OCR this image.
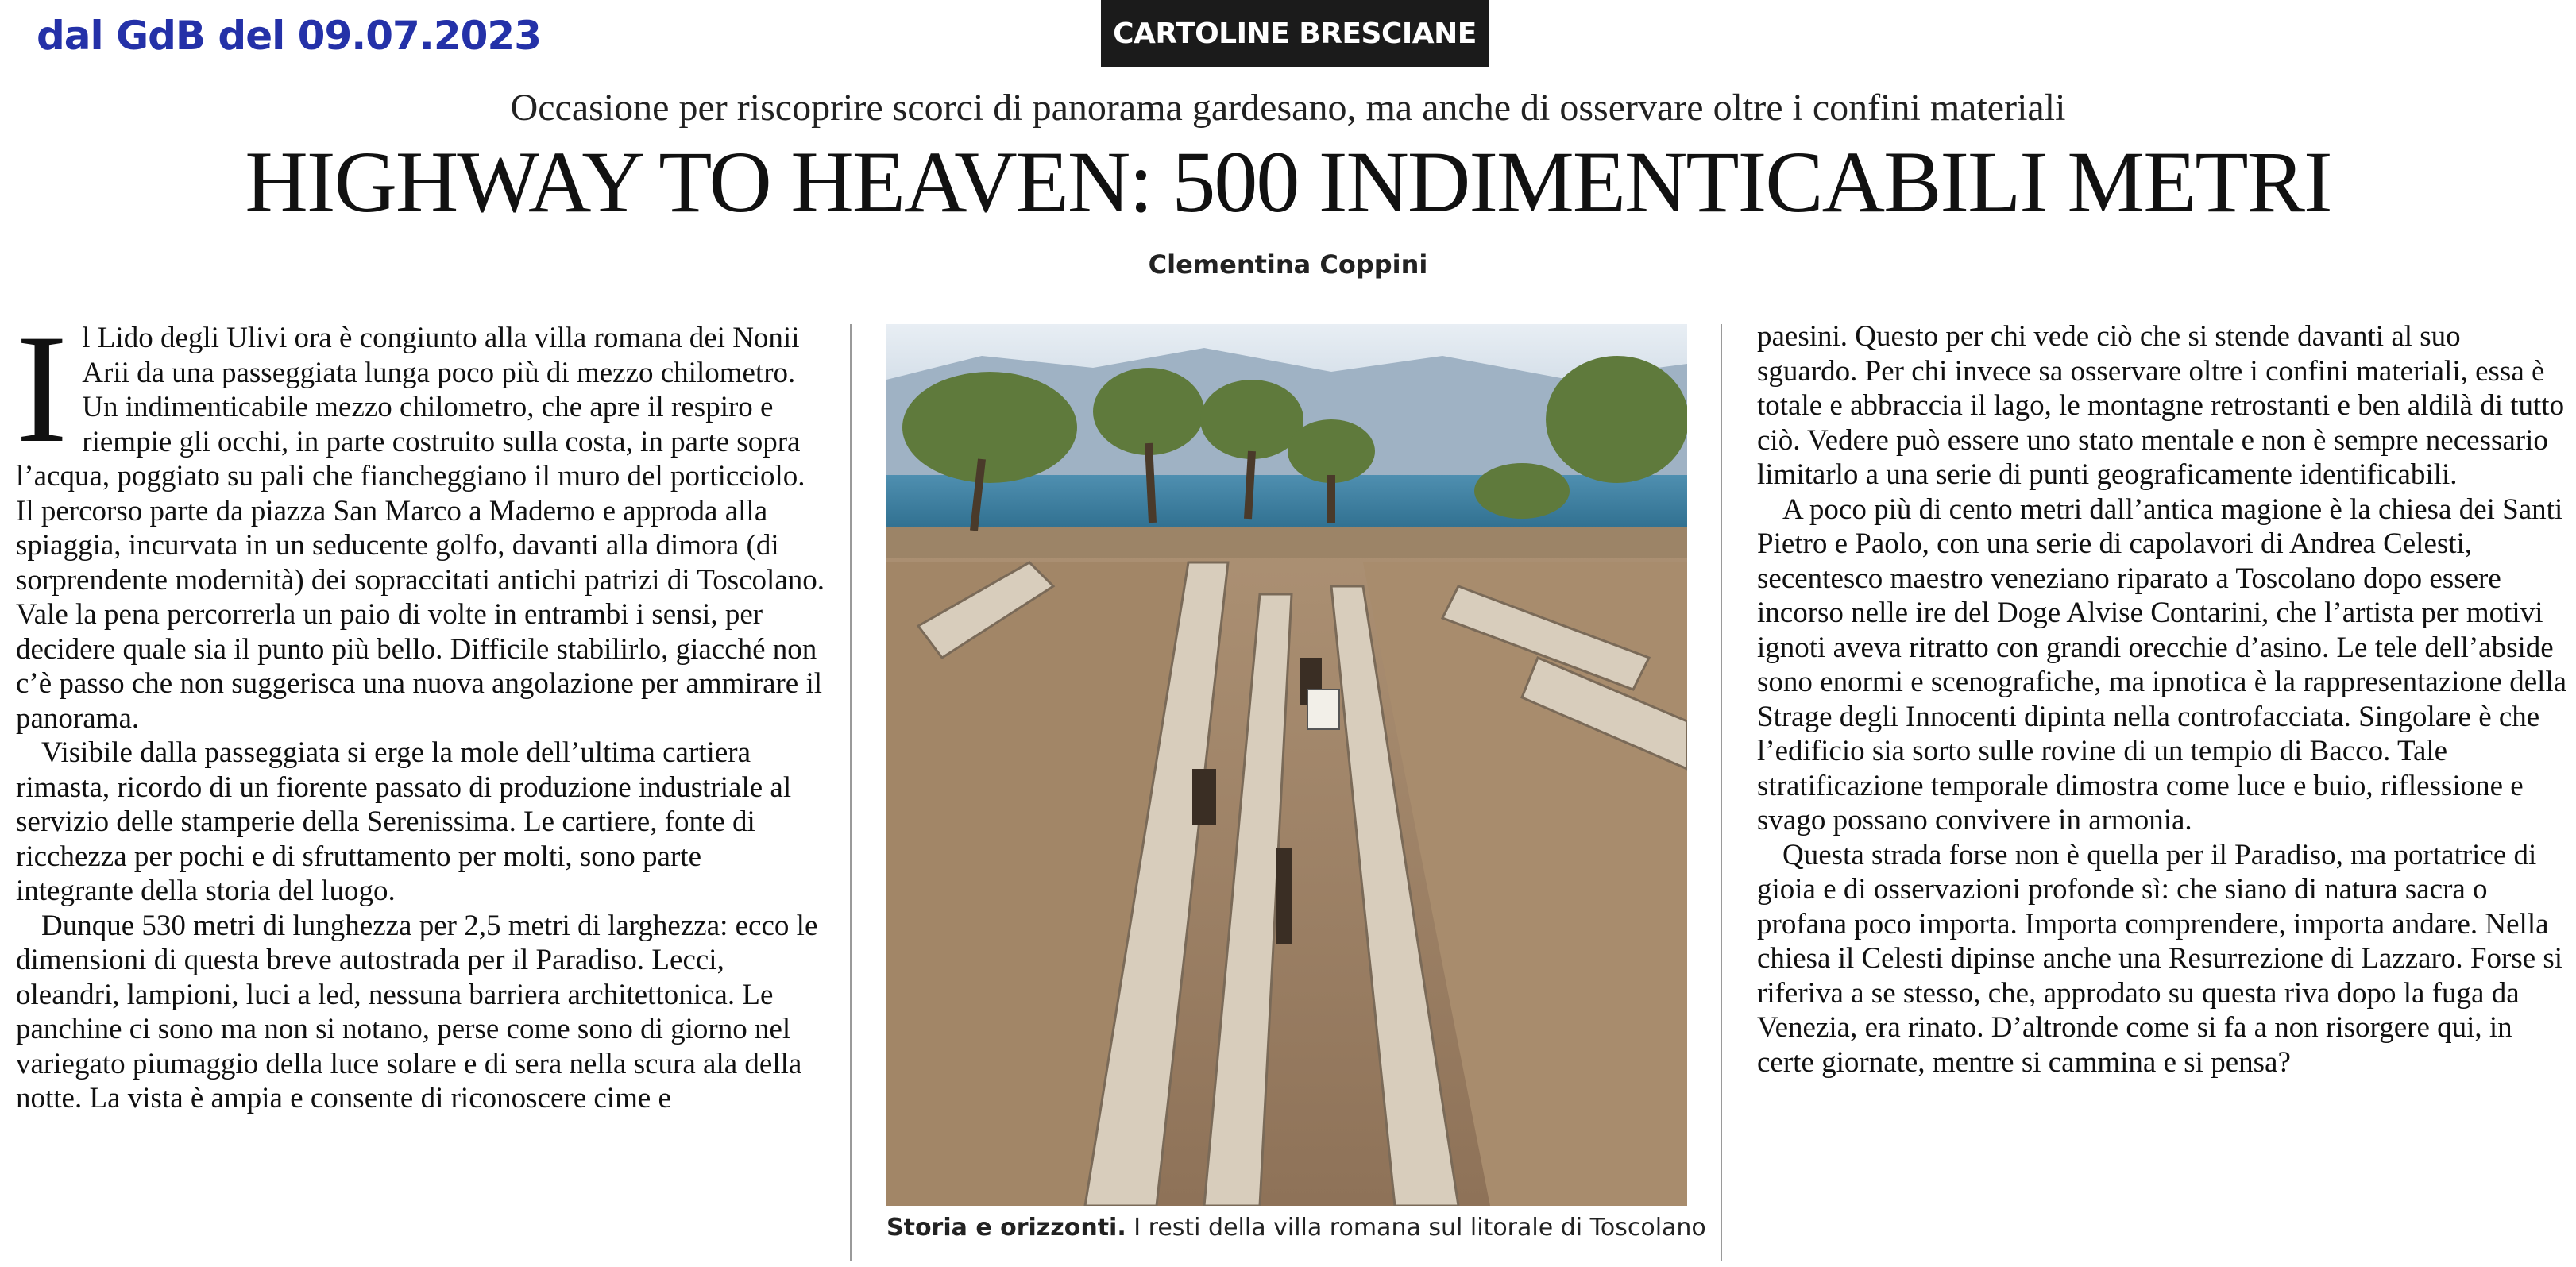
dal GdB del 09.07.2023	CARTOLINE BRESCIANE
Occasione per riscoprire scorci di panorama gardesano, ma anche di osservare oltre i confini materiali
HIGHWAY TO HEAVEN: 500 INDIMENTICABILI METRI
Clementina Coppini

Il Lido degli Ulivi ora è congiunto alla villa romana dei Nonii Arii da una passeggiata lunga poco più di mezzo chilometro. Un indimenticabile mezzo chilometro, che apre il respiro e riempie gli occhi, in parte costruito sulla costa, in parte sopra l’acqua, poggiato su pali che fiancheggiano il muro del porticciolo. Il percorso parte da piazza San Marco a Maderno e approda alla spiaggia, incurvata in un seducente golfo, davanti alla dimora (di sorprendente modernità) dei sopraccitati antichi patrizi di Toscolano. Vale la pena percorrerla un paio di volte in entrambi i sensi, per decidere quale sia il punto più bello. Difficile stabilirlo, giacché non c’è passo che non suggerisca una nuova angolazione per ammirare il panorama.

Visibile dalla passeggiata si erge la mole dell’ultima cartiera rimasta, ricordo di un fiorente passato di produzione industriale al servizio delle stamperie della Serenissima. Le cartiere, fonte di ricchezza per pochi e di sfruttamento per molti, sono parte integrante della storia del luogo.

Dunque 530 metri di lunghezza per 2,5 metri di larghezza: ecco le dimensioni di questa breve autostrada per il Paradiso. Lecci, oleandri, lampioni, luci a led, nessuna barriera architettonica. Le panchine ci sono ma non si notano, perse come sono di giorno nel variegato piumaggio della luce solare e di sera nella scura ala della notte. La vista è ampia e consente di riconoscere cime e

Storia e orizzonti. I resti della villa romana sul litorale di Toscolano

paesini. Questo per chi vede ciò che si stende davanti al suo sguardo. Per chi invece sa osservare oltre i confini materiali, essa è totale e abbraccia il lago, le montagne retrostanti e ben aldilà di tutto ciò. Vedere può essere uno stato mentale e non è sempre necessario limitarlo a una serie di punti geograficamente identificabili.

A poco più di cento metri dall’antica magione è la chiesa dei Santi Pietro e Paolo, con una serie di capolavori di Andrea Celesti, secentesco maestro veneziano riparato a Toscolano dopo essere incorso nelle ire del Doge Alvise Contarini, che l’artista per motivi ignoti aveva ritratto con grandi orecchie d’asino. Le tele dell’abside sono enormi e scenografiche, ma ipnotica è la rappresentazione della Strage degli Innocenti dipinta nella controfacciata. Singolare è che l’edificio sia sorto sulle rovine di un tempio di Bacco. Tale stratificazione temporale dimostra come luce e buio, riflessione e svago possano convivere in armonia.

Questa strada forse non è quella per il Paradiso, ma portatrice di gioia e di osservazioni profonde sì: che siano di natura sacra o profana poco importa. Importa comprendere, importa andare. Nella chiesa il Celesti dipinse anche una Resurrezione di Lazzaro. Forse si riferiva a se stesso, che, approdato su questa riva dopo la fuga da Venezia, era rinato. D’altronde come si fa a non risorgere qui, in certe giornate, mentre si cammina e si pensa?
